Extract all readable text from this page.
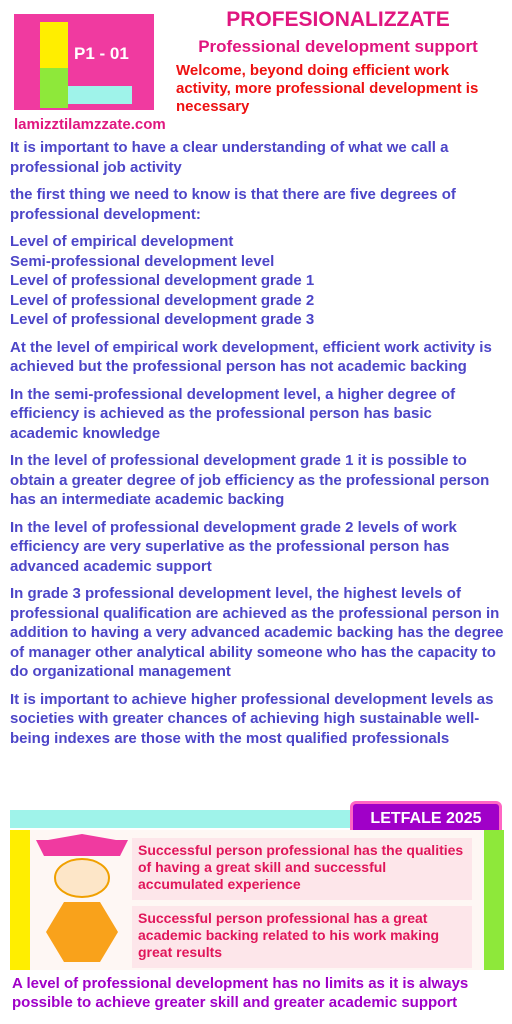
P1 - 01
lamizztilamzzate.com
PROFESIONALIZZATE
Professional development support
Welcome, beyond doing efficient work activity, more professional development is necessary

It is important to have a clear understanding of what we call a professional job activity

the first thing we need to know is that there are five degrees of professional development:

Level of empirical development
Semi-professional development level
Level of professional development grade 1
Level of professional development grade 2
Level of professional development grade 3

At the level of empirical work development, efficient work activity is achieved but the professional person has not academic backing

In the semi-professional development level, a higher degree of efficiency is achieved as the professional person has basic academic knowledge

In the level of professional development grade 1 it is possible to obtain a greater degree of job efficiency as the professional person has an intermediate academic backing

In the level of professional development grade 2 levels of work efficiency are very superlative as the professional person has advanced academic support

In grade 3 professional development level, the highest levels of professional qualification are achieved as the professional person in addition to having a very advanced academic backing has the degree of manager other analytical ability someone who has the capacity to do organizational management

It is important to achieve higher professional development levels as societies with greater chances of achieving high sustainable well-being indexes are those with the most qualified professionals

LETFALE 2025
Successful person professional has the qualities of having a great skill and successful accumulated experience
Successful person professional has a great academic backing related to his work making great results
A level of professional development has no limits as it is always possible to achieve greater skill and greater academic support
